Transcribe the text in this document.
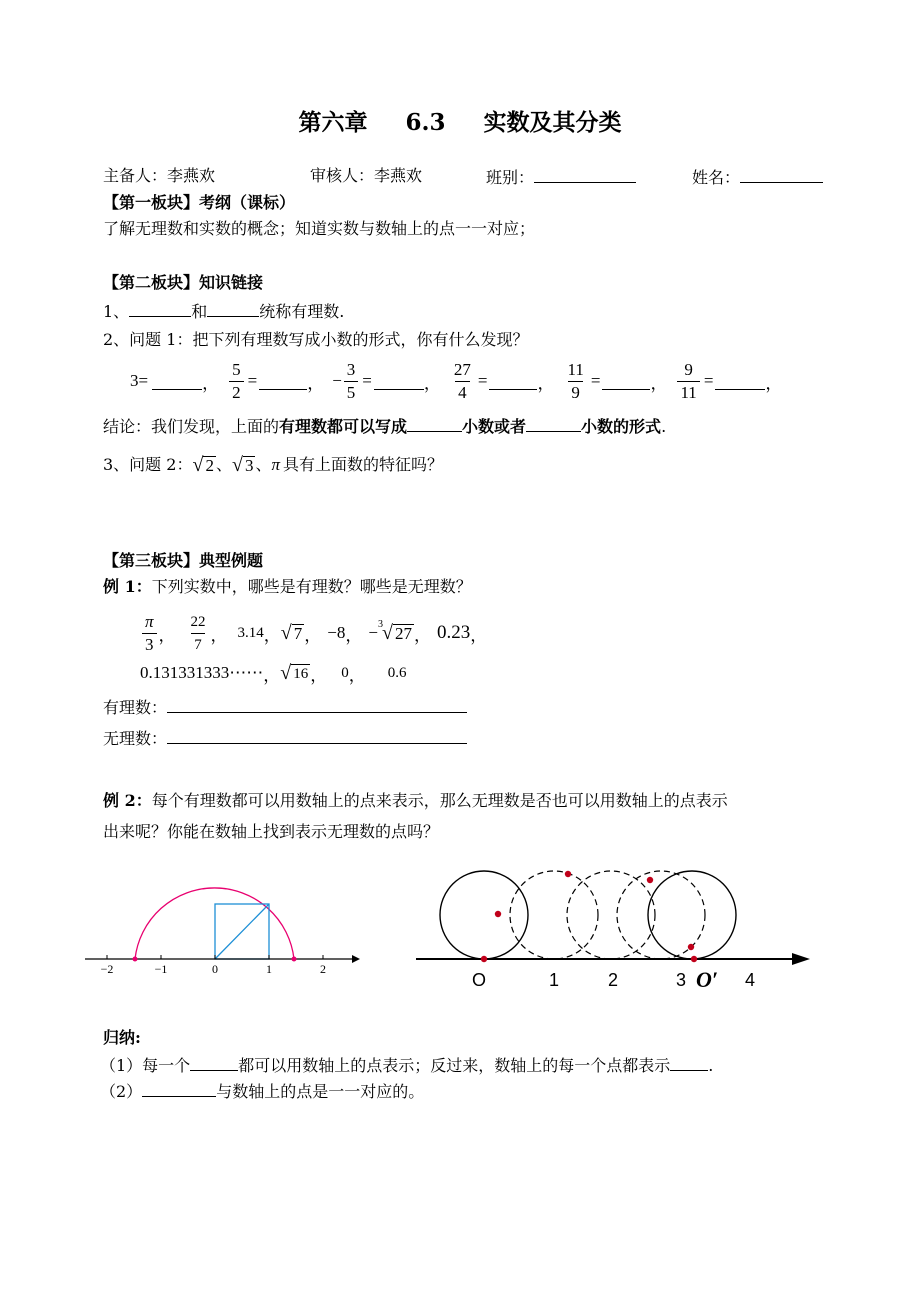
第六章 6.3 实数及其分类
主备人：李燕欢	审核人：李燕欢	班别：	姓名：
【第一板块】考纲（课标）
了解无理数和实数的概念；知道实数与数轴上的点一一对应；
【第二板块】知识链接
1、	和	统称有理数.
2、问题 1：把下列有理数写成小数的形式，你有什么发现？
3=	， $\frac{5}{2}$ =	， − $\frac{3}{5}$ =	， $\frac{27}{4}$ =	， $\frac{11}{9}$ =	， $\frac{9}{11}$ =	，
结论：我们发现，上面的有理数都可以写成	小数或者	小数的形式.
3、问题 2： √ 2 、 √ 3 、 π 具有上面数的特征吗？
【第三板块】典型例题
例 1：下列实数中，哪些是有理数？哪些是无理数？
$\frac{\pi}{3}$ ， $\frac{22}{7}$ ， 3.14 ， √ 7 ， −8 ， − 3 √ 27 ， 0.23 ，
0.131331333⋯⋯ ， √ 16 ， 0 ， 0.6
有理数：
无理数：
例 2：每个有理数都可以用数轴上的点来表示，那么无理数是否也可以用数轴上的点表示
出来呢？你能在数轴上找到表示无理数的点吗？
−2	−1	0	1	2
O	1	2	3	4
O′
归纳:
（1）每一个	都可以用数轴上的点表示；反过来，数轴上的每一个点都表示 .
（2）	与数轴上的点是一一对应的。
